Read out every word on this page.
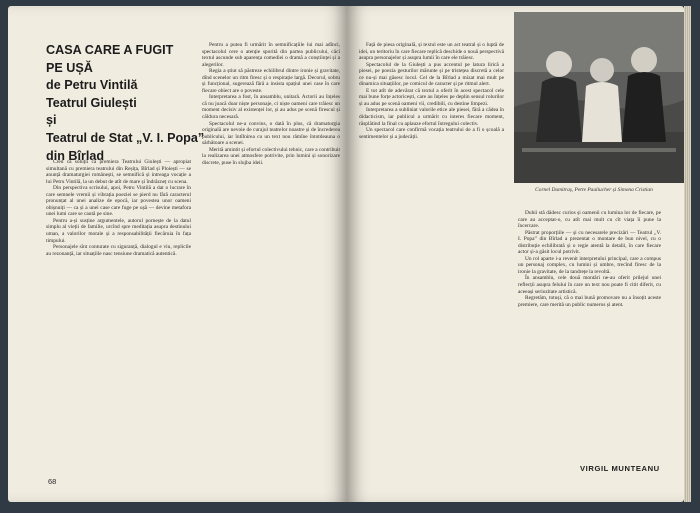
CASA CARE A FUGIT
PE UȘĂ
de Petru Vintilă
Teatrul Giulești
și
Teatrul de Stat „V. I. Popa”
din Bîrlad

Cred că soluții ca premiera Teatrului Giulești — apropiat simultană cu premiera teatrului din Reșița, Bîrlad și Ploiești — se anunță dramaturgiei românești, se semnifică și intreaga vocație a lui Petru Vintilă, la un debut de atît de mare și îndrăzneț cu scena.

Din perspectiva scrisului, apoi, Petru Vintilă a dat o lucrare în care semnele vremii și vibrația poeziei se pierd nu fără caracterul pronunțat al unei analize de epocă, iar povestea unor oameni obișnuiți — ca și a unei case care fuge pe ușă — devine metafora unei lumi care se caută pe sine.

Pentru a-și susține argumentele, autorul pornește de la datul simplu al vieții de familie, urcînd spre meditația asupra destinului uman, a valorilor morale și a responsabilității fiecăruia în fața timpului.

Personajele sînt conturate cu siguranță, dialogul e viu, replicile au rezonanță, iar situațiile nasc tensiune dramatică autentică.

Pentru a putea fi urmărit în semnificațiile lui mai adînci, spectacolul cere o atenție sporită din partea publicului, căci textul ascunde sub aparența comediei o dramă a conștiinței și a alegerilor.

Regia a știut să păstreze echilibrul dintre ironie și gravitate, dînd scenelor un ritm firesc și o respirație largă. Decorul, sobru și funcțional, sugerează fără a insista spațiul unei case în care fiecare obiect are o poveste.

Interpretarea a fost, în ansamblu, unitară. Actorii au înțeles că nu joacă doar niște personaje, ci niște oameni care trăiesc un moment decisiv al existenței lor, și au adus pe scenă firescul și căldura necesară.

Spectacolul ne-a convins, o dată în plus, că dramaturgia originală are nevoie de curajul teatrelor noastre și de încrederea publicului, iar întîlnirea cu un text nou rămîne întotdeauna o sărbătoare a scenei.

Merită amintit și efortul colectivului tehnic, care a contribuit la realizarea unei atmosfere potrivite, prin lumini și sonorizare discrete, puse în slujba ideii.

68

Față de piesa originală, și textul este un act teatral și o luptă de idei, un teritoriu în care fiecare replică deschide o nouă perspectivă asupra personajelor și asupra lumii în care ele trăiesc.

Spectacolul de la Giulești a pus accentul pe latura lirică a piesei, pe poezia gesturilor mărunte și pe tristețea discretă a celor ce nu-și mai găsesc locul. Cel de la Bîrlad a mizat mai mult pe dinamica situațiilor, pe comicul de caracter și pe ritmul alert.

E tot atît de adevărat că textul a oferit în acest spectacol cele mai bune forțe actoricești, care au înțeles pe deplin sensul rolurilor și au adus pe scenă oameni vii, credibili, cu destine limpezi.

Interpretarea a subliniat valorile etice ale piesei, fără a cădea în didacticism, iar publicul a urmărit cu interes fiecare moment, răsplătind la final cu aplauze efortul întregului colectiv.

Un spectacol care confirmă vocația teatrului de a fi o școală a sentimentelor și a judecății.

Cornel Dumitraș, Petre Pauliucher și Simona Cristian

Duhii stă dădesc curios și oamenii cu lumina lor de fiecare, pe care au acceptat-o, cu atît mai mult cu cît viața îi pune la încercare.

Păstrat proporțiile — și cu necesarele precizări — Teatrul „V. I. Popa” din Bîrlad a prezentat o montare de bun nivel, cu o distribuție echilibrată și o regie atentă la detalii, în care fiecare actor și-a găsit locul potrivit.

Un rol aparte i-a revenit interpretului principal, care a compus un personaj complex, cu lumini și umbre, trecînd firesc de la ironie la gravitate, de la tandrețe la revoltă.

În ansamblu, cele două montări ne-au oferit prilejul unei reflecții asupra felului în care un text nou poate fi citit diferit, cu aceeași seriozitate artistică.

Regretăm, totuși, că o mai bună promovare nu a însoțit aceste premiere, care merită un public numeros și atent.

VIRGIL MUNTEANU
